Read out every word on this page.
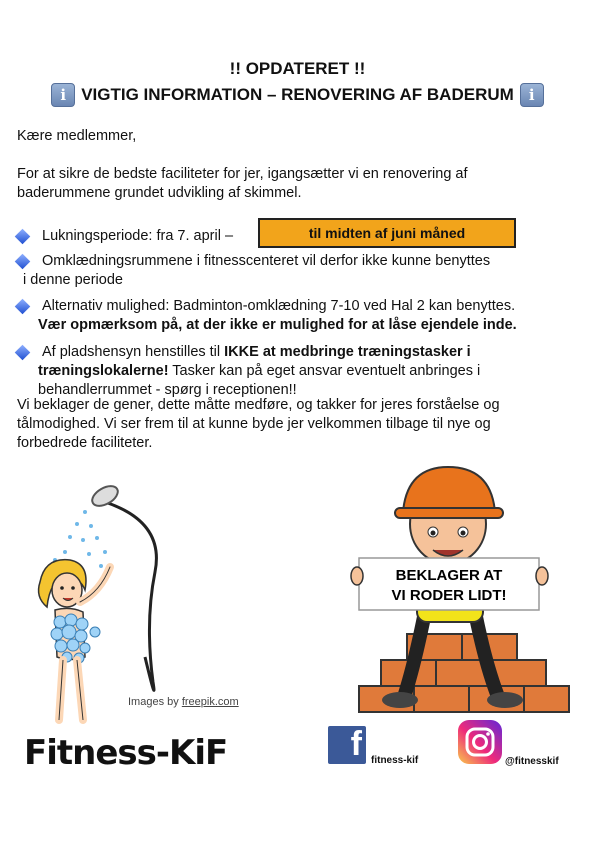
!! OPDATERET !!
i VIGTIG INFORMATION – RENOVERING AF BADERUM	i
Kære medlemmer,
For at sikre de bedste faciliteter for jer, igangsætter vi en renovering af baderummene grundet udvikling af skimmel.
Lukningsperiode: fra 7. april –	til midten af juni måned
Omklædningsrummene i fitnesscenteret vil derfor ikke kunne benyttes
i denne periode
Alternativ mulighed: Badminton-omklædning 7-10 ved Hal 2 kan benyttes.
Vær opmærksom på, at der ikke er mulighed for at låse ejendele inde.
Af pladshensyn henstilles til IKKE at medbringe træningstasker i
træningslokalerne! Tasker kan på eget ansvar eventuelt anbringes i
behandlerrummet - spørg i receptionen!!
Vi beklager de gener, dette måtte medføre, og takker for jeres forståelse og
tålmodighed. Vi ser frem til at kunne byde jer velkommen tilbage til nye og
forbedrede faciliteter.
Images by freepik.com
BEKLAGER AT
VI RODER LIDT!
Fitness-KiF	f fitness-kif	@fitnesskif
